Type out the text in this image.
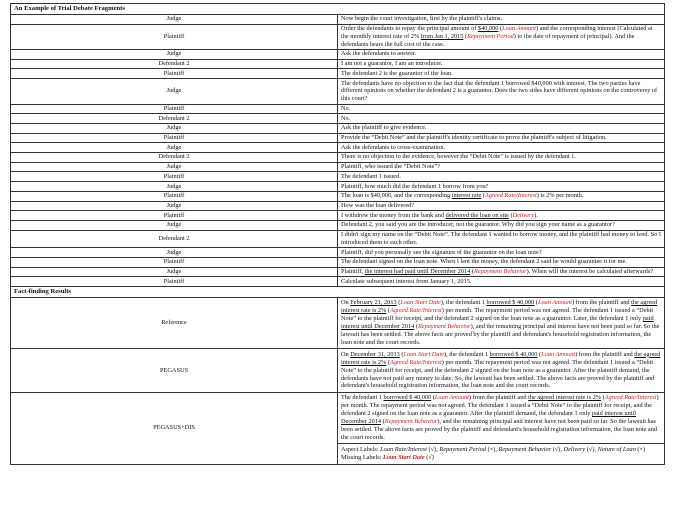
An Example of Trial Debate Fragments	
Judge	Now begin the court investigation, first by the plaintiff's claims.
Plaintiff	Order the defendants to repay the principal amount of $40,000 (Loan Amount) and the corresponding interest (Calculated at the monthly interest rate of 2% from Jan 1, 2015 (Repayment Period) to the date of repayment of principal). And the defendants bears the full cost of the case.
Judge	Ask the defendants to answer.
Defendant 2	I am not a guarantor, I am an introducer.
Plaintiff	The defendant 2 is the guarantor of the loan.
Judge	The defendants have no objection to the fact that the defendant 1 borrowed $40,000 with interest. The two parties have different opinions on whether the defendant 2 is a guarantor. Does the two sides have different opinions on the controversy of this court?
Plaintiff	No.
Defendant 2	No.
Judge	Ask the plaintiff to give evidence.
Plaintiff	Provide the “Debit Note” and the plaintiff's identity certificate to prove the plaintiff's subject of litigation.
Judge	Ask the defendants to cross-examination.
Defendant 2	There is no objection to the evidence, however the “Debit Note” is issued by the defendant 1.
Judge	Plaintiff, who issued the “Debit Note”?
Plaintiff	The defendant 1 issued.
Judge	Plaintiff, how much did the defendant 1 borrow from you?
Plaintiff	The loan is $40,000, and the corresponding interest rate (Agreed Rate/Interest) is 2% per month.
Judge	How was the loan delivered?
Plaintiff	I withdrew the money from the bank and delivered the loan on site (Delivery).
Judge	Defendant 2, you said you are the introducer, not the guarantor. Why did you sign your name as a guarantor?
Defendant 2	I didn't sign my name on the “Debit Note”. The defendant 1 wanted to borrow money, and the plaintiff had money to lend. So I introduced them to each other.
Judge	Plaintiff, did you personally see the signature of the guarantor on the loan note?
Plaintiff	The defendant signed on the loan note. When I lent the money, the defendant 2 said he would guarantee it for me.
Judge	Plaintiff, the interest had paid until December 2014 (Repayment Behavior). When will the interest be calculated afterwards?
Plaintiff	Calculate subsequent interest from January 1, 2015.
Fact-finding Results	
Reference	On February 21, 2013 (Loan Start Date), the defendant 1 borrowed $ 40,000 (Loan Amount) from the plaintiff and the agreed interest rate is 2% (Agreed Rate/Interest) per month. The repayment period was not agreed. The defendant 1 issued a “Debit Note” to the plaintiff for receipt, and the defendant 2 signed on the loan note as a guarantor. Later, the defendant 1 only paid interest until December 2014 (Repayment Behavior), and the remaining principal and interest have not been paid so far. So the lawsuit has been settled. The above facts are proved by the plaintiff and defendant's household registration information, the loan note and the court records.
PEGASUS	On December 31, 2013 (Loan Start Date), the defendant 1 borrowed $ 40,000 (Loan Amount) from the plaintiff and the agreed interest rate is 2% (Agreed Rate/Interest) per month. The repayment period was not agreed. The defendant 1 issued a “Debit Note” to the plaintiff for receipt, and the defendant 2 signed on the loan note as a guarantor. After the plaintiff demand, the defendants have not paid any money to date. So, the lawsuit has been settled. The above facts are proved by the plaintiff and defendant's household registration information, the loan note and the court records.
PEGASUS+DIS	The defendant 1 borrowed $ 40,000 (Loan Amount) from the plaintiff and the agreed interest rate is 2% (Agreed Rate/Interest) per month. The repayment period was not agreed. The defendant 1 issued a “Debit Note” to the plaintiff for receipt, and the defendant 2 signed on the loan note as a guarantor. After the plaintiff demand, the defendant 1 only paid interest until December 2014 (Repayment Behavior), and the remaining principal and interest have not been paid so far. So the lawsuit has been settled. The above facts are proved by the plaintiff and defendant's household registration information, the loan note and the court records.

	Aspect Labels: Loan Rate/Interest (√), Repayment Period (×), Repayment Behavior (√), Delivery (√), Nature of Loan (×)
Missing Labels: Loan Start Date (√)
